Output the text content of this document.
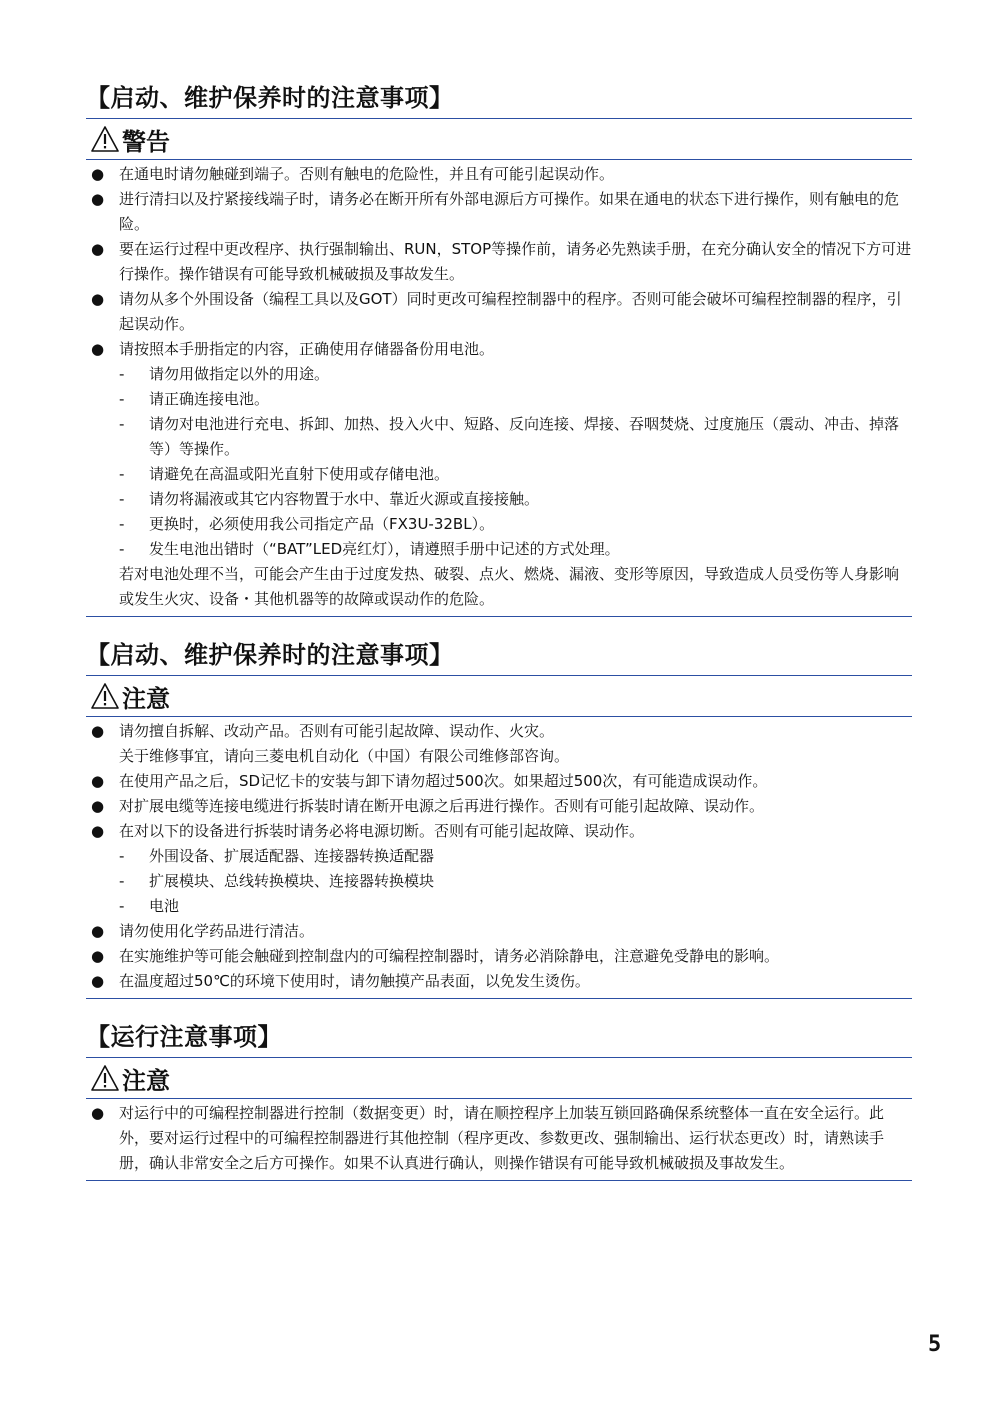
【启动、维护保养时的注意事项】
警告
● 在通电时请勿触碰到端子。否则有触电的危险性，并且有可能引起误动作。
● 进行清扫以及拧紧接线端子时，请务必在断开所有外部电源后方可操作。如果在通电的状态下进行操作，则有触电的危险。
● 要在运行过程中更改程序、执行强制输出、RUN，STOP等操作前，请务必先熟读手册，在充分确认安全的情况下方可进行操作。操作错误有可能导致机械破损及事故发生。
● 请勿从多个外围设备（编程工具以及GOT）同时更改可编程控制器中的程序。否则可能会破坏可编程控制器的程序，引起误动作。
● 请按照本手册指定的内容，正确使用存储器备份用电池。
- 请勿用做指定以外的用途。
- 请正确连接电池。
- 请勿对电池进行充电、拆卸、加热、投入火中、短路、反向连接、焊接、吞咽焚烧、过度施压（震动、冲击、掉落等）等操作。
- 请避免在高温或阳光直射下使用或存储电池。
- 请勿将漏液或其它内容物置于水中、靠近火源或直接接触。
- 更换时，必须使用我公司指定产品（FX3U-32BL）。
- 发生电池出错时（“BAT”LED亮红灯），请遵照手册中记述的方式处理。
若对电池处理不当，可能会产生由于过度发热、破裂、点火、燃烧、漏液、变形等原因，导致造成人员受伤等人身影响或发生火灾、设备・其他机器等的故障或误动作的危险。
【启动、维护保养时的注意事项】
注意
● 请勿擅自拆解、改动产品。否则有可能引起故障、误动作、火灾。
关于维修事宜，请向三菱电机自动化（中国）有限公司维修部咨询。
● 在使用产品之后，SD记忆卡的安装与卸下请勿超过500次。如果超过500次，有可能造成误动作。
● 对扩展电缆等连接电缆进行拆装时请在断开电源之后再进行操作。否则有可能引起故障、误动作。
● 在对以下的设备进行拆装时请务必将电源切断。否则有可能引起故障、误动作。
- 外围设备、扩展适配器、连接器转换适配器
- 扩展模块、总线转换模块、连接器转换模块
- 电池
● 请勿使用化学药品进行清洁。
● 在实施维护等可能会触碰到控制盘内的可编程控制器时，请务必消除静电，注意避免受静电的影响。
● 在温度超过50℃的环境下使用时，请勿触摸产品表面，以免发生烫伤。
【运行注意事项】
注意
● 对运行中的可编程控制器进行控制（数据变更）时，请在顺控程序上加装互锁回路确保系统整体一直在安全运行。此外，要对运行过程中的可编程控制器进行其他控制（程序更改、参数更改、强制输出、运行状态更改）时，请熟读手册，确认非常安全之后方可操作。如果不认真进行确认，则操作错误有可能导致机械破损及事故发生。
5
